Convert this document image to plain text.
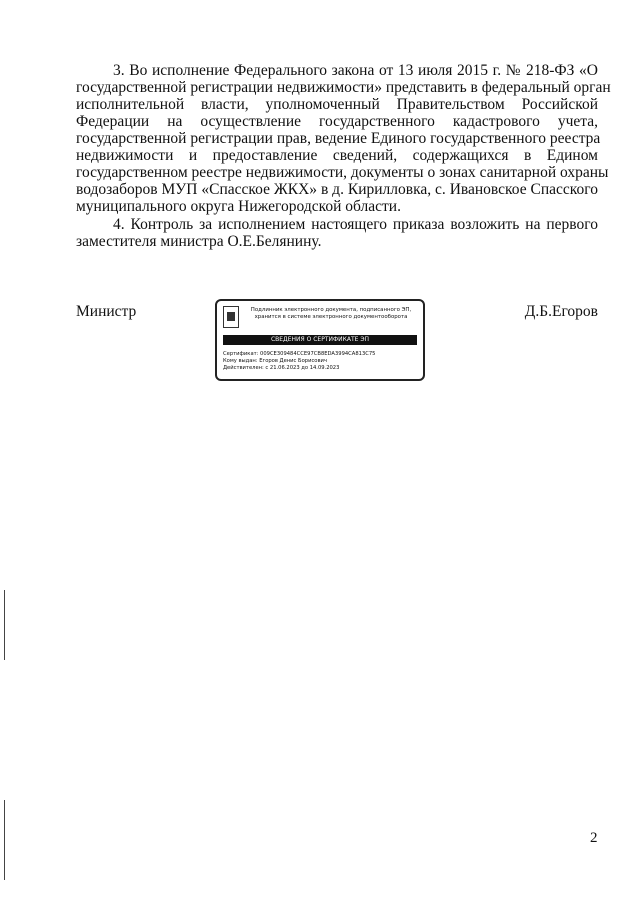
3. Во исполнение Федерального закона от 13 июля 2015 г. № 218-ФЗ «О
государственной регистрации недвижимости» представить в федеральный орган
исполнительной власти, уполномоченный Правительством Российской
Федерации на осуществление государственного кадастрового учета,
государственной регистрации прав, ведение Единого государственного реестра
недвижимости и предоставление сведений, содержащихся в Едином
государственном реестре недвижимости, документы о зонах санитарной охраны
водозаборов МУП «Спасское ЖКХ» в д. Кирилловка, с. Ивановское Спасского
муниципального округа Нижегородской области.
4. Контроль за исполнением настоящего приказа возложить на первого
заместителя министра О.Е.Белянину.
Министр	Д.Б.Егоров
Подлинник электронного документа, подписанного ЭП, хранится в системе электронного документооборота
СВЕДЕНИЯ О СЕРТИФИКАТЕ ЭП
Сертификат: 009CE309484CCE97CB8EDA3994CA813C75
Кому выдан: Егоров Денис Борисович
Действителен: с 21.06.2023 до 14.09.2023
2
